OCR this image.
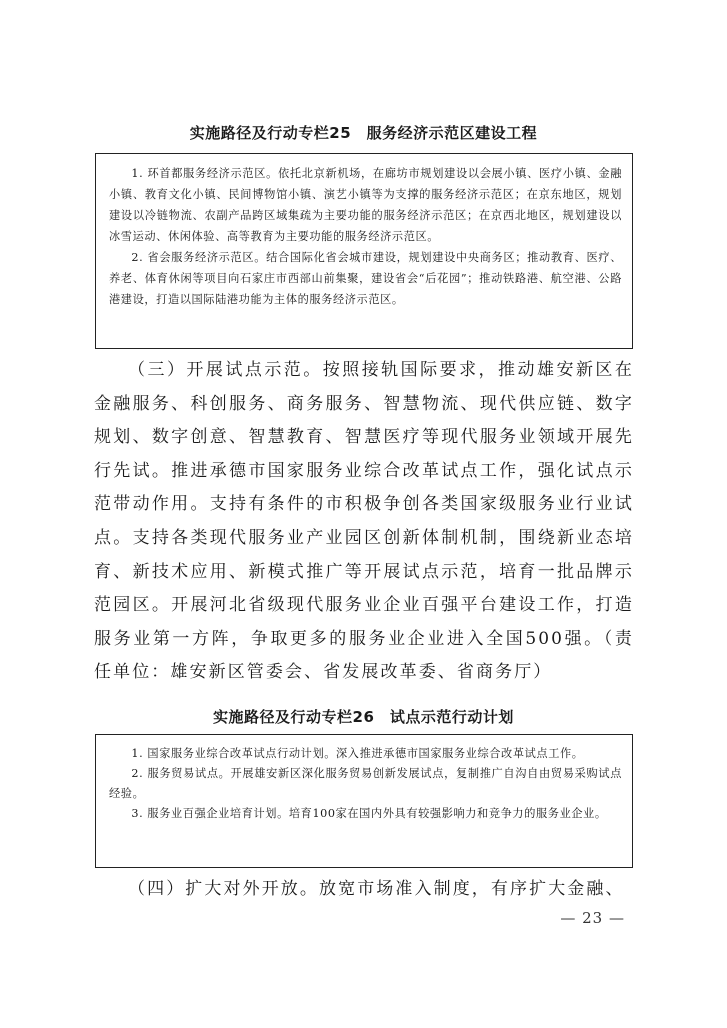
实施路径及行动专栏25　服务经济示范区建设工程

1. 环首都服务经济示范区。依托北京新机场，在廊坊市规划建设以会展小镇、医疗小镇、金融小镇、教育文化小镇、民间博物馆小镇、演艺小镇等为支撑的服务经济示范区；在京东地区，规划建设以冷链物流、农副产品跨区域集疏为主要功能的服务经济示范区；在京西北地区，规划建设以冰雪运动、休闲体验、高等教育为主要功能的服务经济示范区。

2. 省会服务经济示范区。结合国际化省会城市建设，规划建设中央商务区；推动教育、医疗、养老、体育休闲等项目向石家庄市西部山前集聚，建设省会“后花园”；推动铁路港、航空港、公路港建设，打造以国际陆港功能为主体的服务经济示范区。

（三）开展试点示范。按照接轨国际要求，推动雄安新区在金融服务、科创服务、商务服务、智慧物流、现代供应链、数字规划、数字创意、智慧教育、智慧医疗等现代服务业领域开展先行先试。推进承德市国家服务业综合改革试点工作，强化试点示范带动作用。支持有条件的市积极争创各类国家级服务业行业试点。支持各类现代服务业产业园区创新体制机制，围绕新业态培育、新技术应用、新模式推广等开展试点示范，培育一批品牌示范园区。开展河北省级现代服务业企业百强平台建设工作，打造服务业第一方阵，争取更多的服务业企业进入全国500强。（责任单位：雄安新区管委会、省发展改革委、省商务厅）

实施路径及行动专栏26　试点示范行动计划

1. 国家服务业综合改革试点行动计划。深入推进承德市国家服务业综合改革试点工作。

2. 服务贸易试点。开展雄安新区深化服务贸易创新发展试点，复制推广自沟自由贸易采购试点经验。

3. 服务业百强企业培育计划。培育100家在国内外具有较强影响力和竞争力的服务业企业。

（四）扩大对外开放。放宽市场准入制度，有序扩大金融、

— 23 —
